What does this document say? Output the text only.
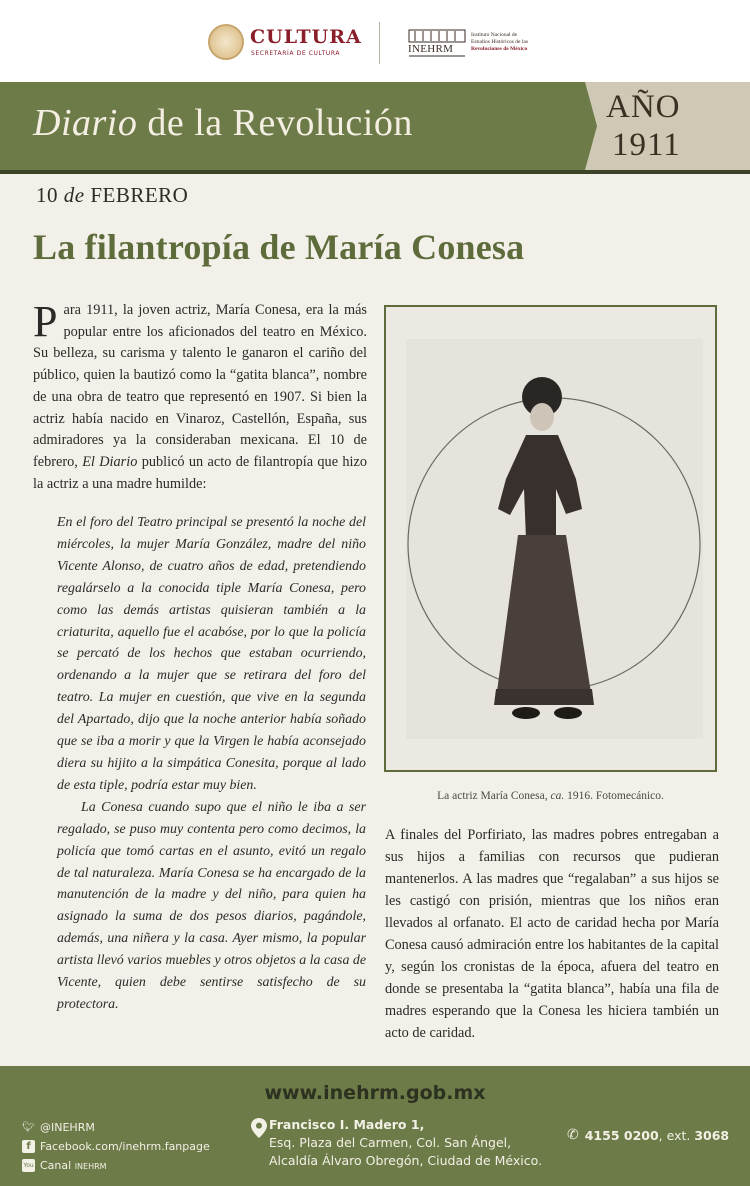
CULTURA
SECRETARÍA DE CULTURA	INEHRM
Instituto Nacional de
Estudios Históricos de las
Revoluciones de México
Diario de la Revolución	AÑO
1911
10 de FEBRERO
La filantropía de María Conesa
Para 1911, la joven actriz, María Conesa, era la más popular entre los aficionados del teatro en México. Su belleza, su carisma y talento le ganaron el cariño del público, quien la bautizó como la “gatita blanca”, nombre de una obra de teatro que representó en 1907. Si bien la actriz había nacido en Vinaroz, Castellón, España, sus admiradores ya la consideraban mexicana. El 10 de febrero, El Diario publicó un acto de filantropía que hizo la actriz a una madre humilde:

En el foro del Teatro principal se presentó la noche del miércoles, la mujer María González, madre del niño Vicente Alonso, de cuatro años de edad, pretendiendo regalárselo a la conocida tiple María Conesa, pero como las demás artistas quisieran también a la criaturita, aquello fue el acabóse, por lo que la policía se percató de los hechos que estaban ocurriendo, ordenando a la mujer que se retirara del foro del teatro. La mujer en cuestión, que vive en la segunda del Apartado, dijo que la noche anterior había soñado que se iba a morir y que la Virgen le había aconsejado diera su hijito a la simpática Conesita, porque al lado de esta tiple, podría estar muy bien.

La Conesa cuando supo que el niño le iba a ser regalado, se puso muy contenta pero como decimos, la policía que tomó cartas en el asunto, evitó un regalo de tal naturaleza. María Conesa se ha encargado de la manutención de la madre y del niño, para quien ha asignado la suma de dos pesos diarios, pagándole, además, una niñera y la casa. Ayer mismo, la popular artista llevó varios muebles y otros objetos a la casa de Vicente, quien debe sentirse satisfecho de su protectora.

La actriz María Conesa, ca. 1916. Fotomecánico.
A finales del Porfiriato, las madres pobres entregaban a sus hijos a familias con recursos que pudieran mantenerlos. A las madres que “regalaban” a sus hijos se les castigó con prisión, mientras que los niños eran llevados al orfanato. El acto de caridad hecha por María Conesa causó admiración entre los habitantes de la capital y, según los cronistas de la época, afuera del teatro en donde se presentaba la “gatita blanca”, había una fila de madres esperando que la Conesa les hiciera también un acto de caridad.
www.inehrm.gob.mx
🐦︎ @INEHRM
f Facebook.com/inehrm.fanpage
You Tube
Canal INEHRM
Francisco I. Madero 1,
Esq. Plaza del Carmen, Col. San Ángel,
Alcaldía Álvaro Obregón, Ciudad de México.
✆ 4155 0200, ext. 3068
